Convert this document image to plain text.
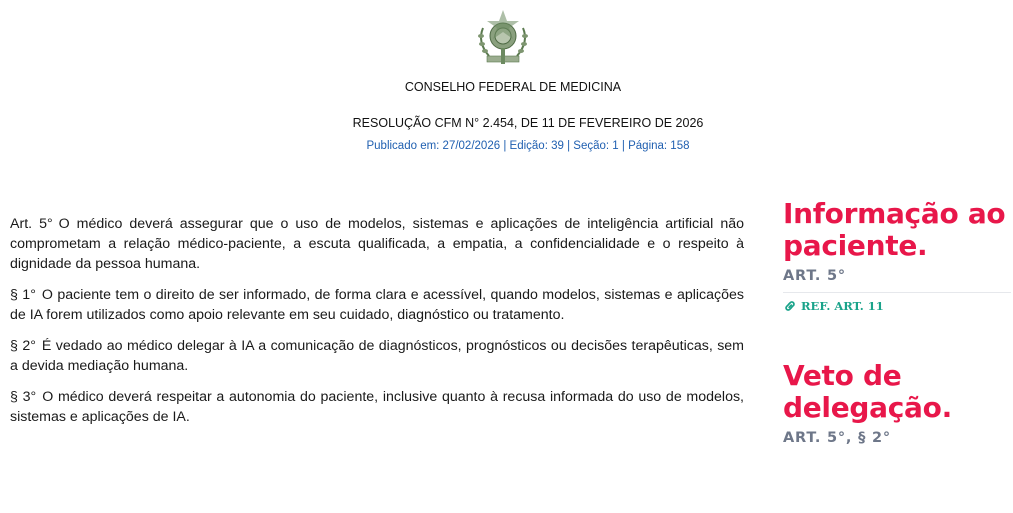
CONSELHO FEDERAL DE MEDICINA
RESOLUÇÃO CFM N° 2.454, DE 11 DE FEVEREIRO DE 2026
Publicado em: 27/02/2026 | Edição: 39 | Seção: 1 | Página: 158

Art. 5° O médico deverá assegurar que o uso de modelos, sistemas e aplicações de inteligência artificial não comprometam a relação médico-paciente, a escuta qualificada, a empatia, a confidencialidade e o respeito à dignidade da pessoa humana.

§ 1° O paciente tem o direito de ser informado, de forma clara e acessível, quando modelos, sistemas e aplicações de IA forem utilizados como apoio relevante em seu cuidado, diagnóstico ou tratamento.

§ 2° É vedado ao médico delegar à IA a comunicação de diagnósticos, prognósticos ou decisões terapêuticas, sem a devida mediação humana.

§ 3° O médico deverá respeitar a autonomia do paciente, inclusive quanto à recusa informada do uso de modelos, sistemas e aplicações de IA.

Informação ao
paciente.
ART. 5°
REF. ART. 11
Veto de
delegação.
ART. 5°, § 2°
